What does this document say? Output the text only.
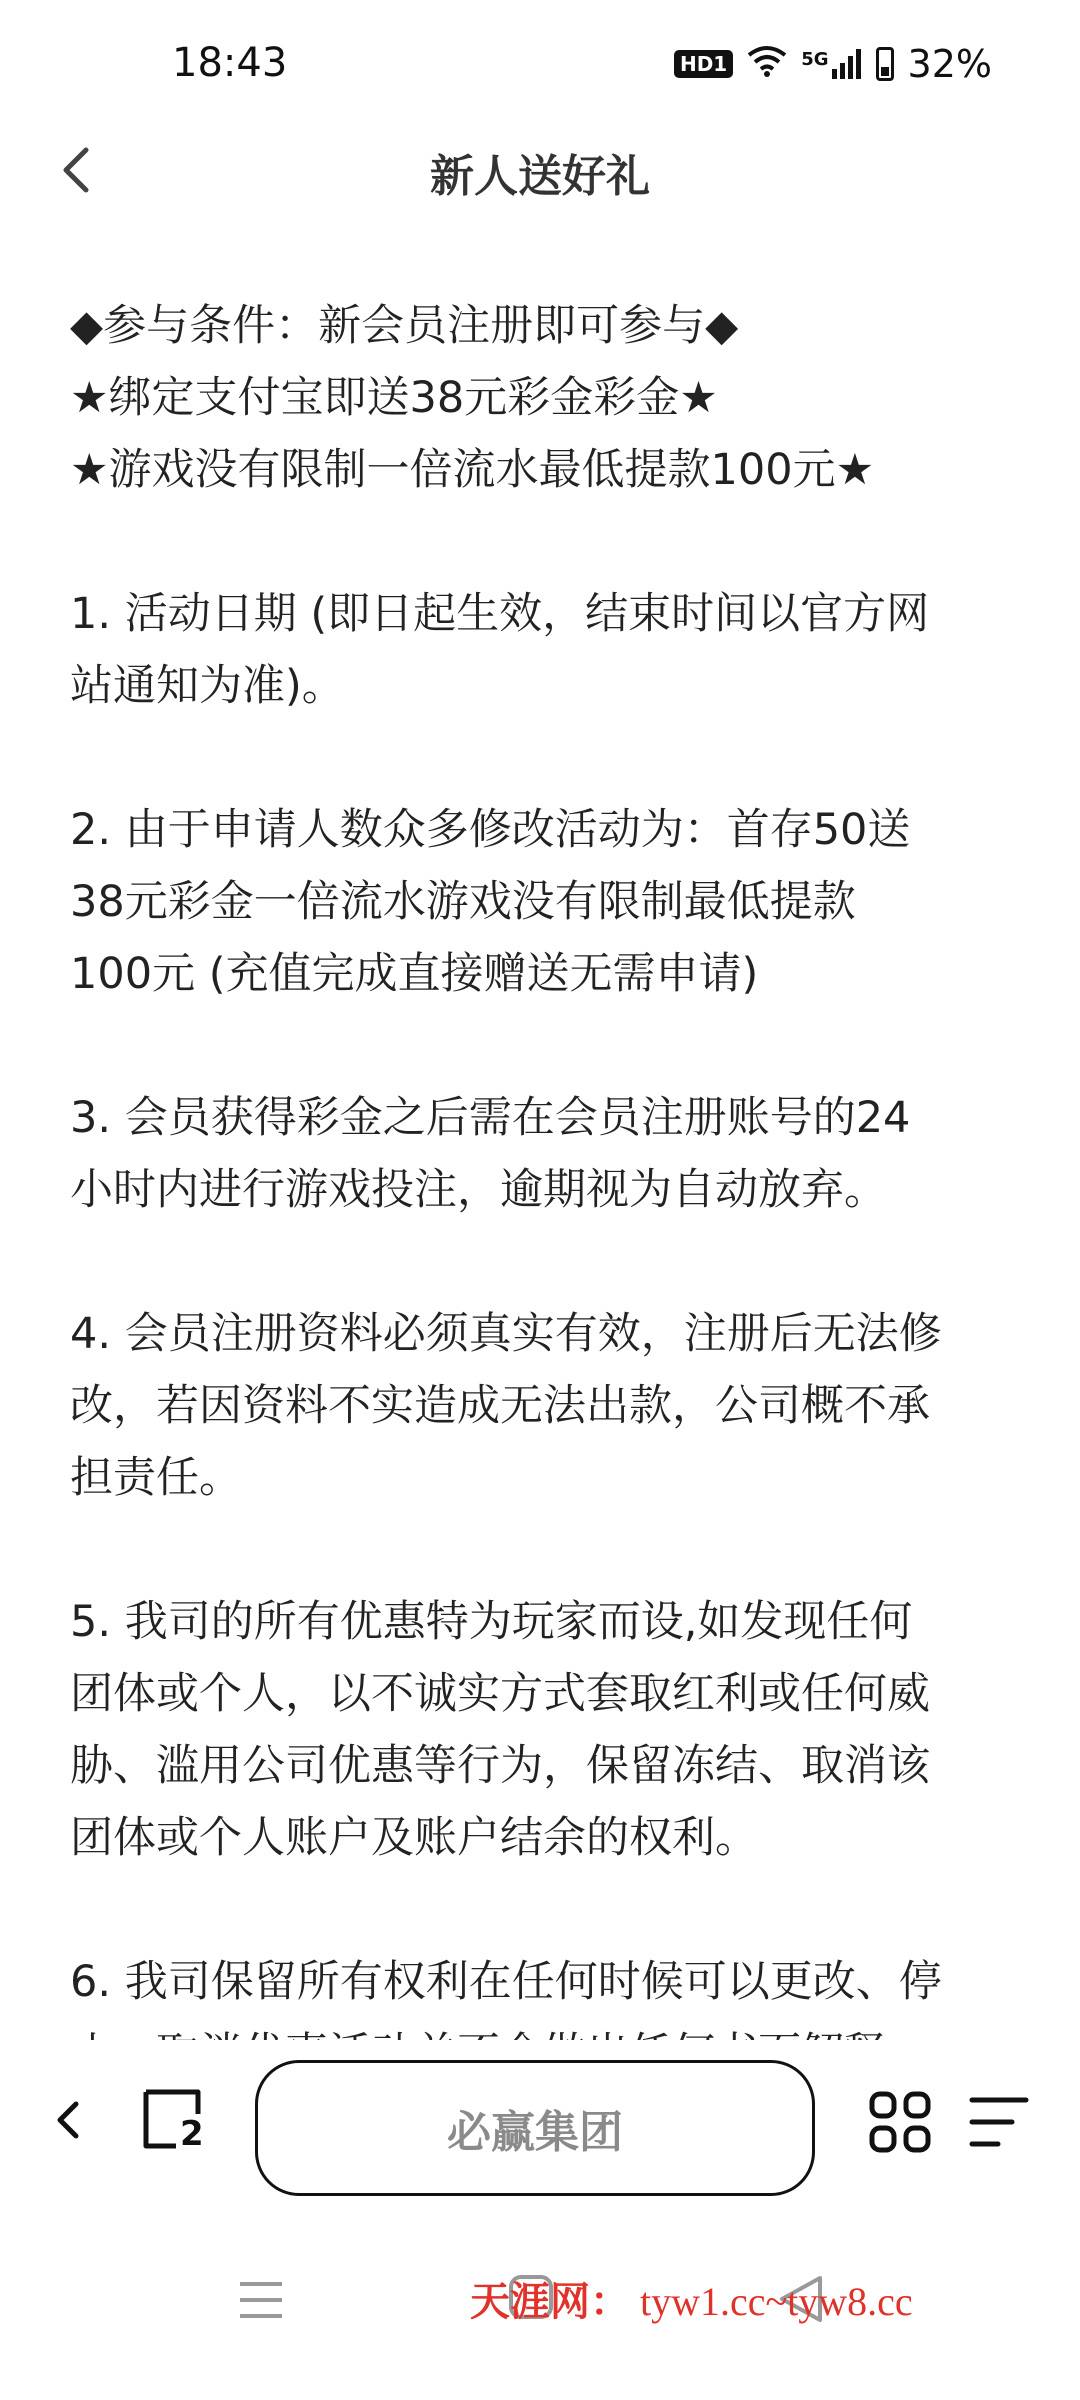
18:43	HD1	5G 32%
新人送好礼

◆参与条件：新会员注册即可参与◆
★绑定支付宝即送38元彩金彩金★
★游戏没有限制一倍流水最低提款100元★

1. 活动日期 (即日起生效，结束时间以官方网
站通知为准)。

2. 由于申请人数众多修改活动为：首存50送
38元彩金一倍流水游戏没有限制最低提款
100元 (充值完成直接赠送无需申请)

3. 会员获得彩金之后需在会员注册账号的24
小时内进行游戏投注，逾期视为自动放弃。

4. 会员注册资料必须真实有效，注册后无法修
改，若因资料不实造成无法出款，公司概不承
担责任。

5. 我司的所有优惠特为玩家而设,如发现任何
团体或个人，以不诚实方式套取红利或任何威
胁、滥用公司优惠等行为，保留冻结、取消该
团体或个人账户及账户结余的权利。

6. 我司保留所有权利在任何时候可以更改、停

2	必赢集团
天涯网： tyw1.cc~tyw8.cc
